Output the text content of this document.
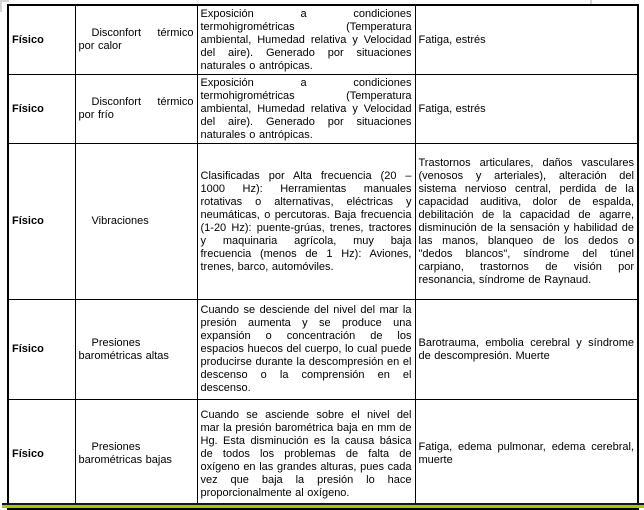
Físico	Disconfort térmico por calor	Exposición a condiciones termohigrométricas (Temperatura ambiental, Humedad relativa y Velocidad del aire). Generado por situaciones naturales o antrópicas.	Fatiga, estrés
Físico	Disconfort térmico por frío	Exposición a condiciones termohigrométricas (Temperatura ambiental, Humedad relativa y Velocidad del aire). Generado por situaciones naturales o antrópicas.	Fatiga, estrés
Físico	Vibraciones	Clasificadas por Alta frecuencia (20 – 1000 Hz): Herramientas manuales rotativas o alternativas, eléctricas y neumáticas, o percutoras. Baja frecuencia (1-20 Hz): puente-grúas, trenes, tractores y maquinaria agrícola, muy baja frecuencia (menos de 1 Hz): Aviones, trenes, barco, automóviles.	Trastornos articulares, daños vasculares (venosos y arteriales), alteración del sistema nervioso central, perdida de la capacidad auditiva, dolor de espalda, debilitación de la capacidad de agarre, disminución de la sensación y habilidad de las manos, blanqueo de los dedos o "dedos blancos", síndrome del túnel carpiano, trastornos de visión por resonancia, síndrome de Raynaud.
Físico	Presiones barométricas altas	Cuando se desciende del nivel del mar la presión aumenta y se produce una expansión o concentración de los espacios huecos del cuerpo, lo cual puede producirse durante la descompresión en el descenso o la comprensión en el descenso.	Barotrauma, embolia cerebral y síndrome de descompresión. Muerte
Físico	Presiones barométricas bajas	Cuando se asciende sobre el nivel del mar la presión barométrica baja en mm de Hg. Esta disminución es la causa básica de todos los problemas de falta de oxígeno en las grandes alturas, pues cada vez que baja la presión lo hace proporcionalmente al oxígeno.	Fatiga, edema pulmonar, edema cerebral, muerte
